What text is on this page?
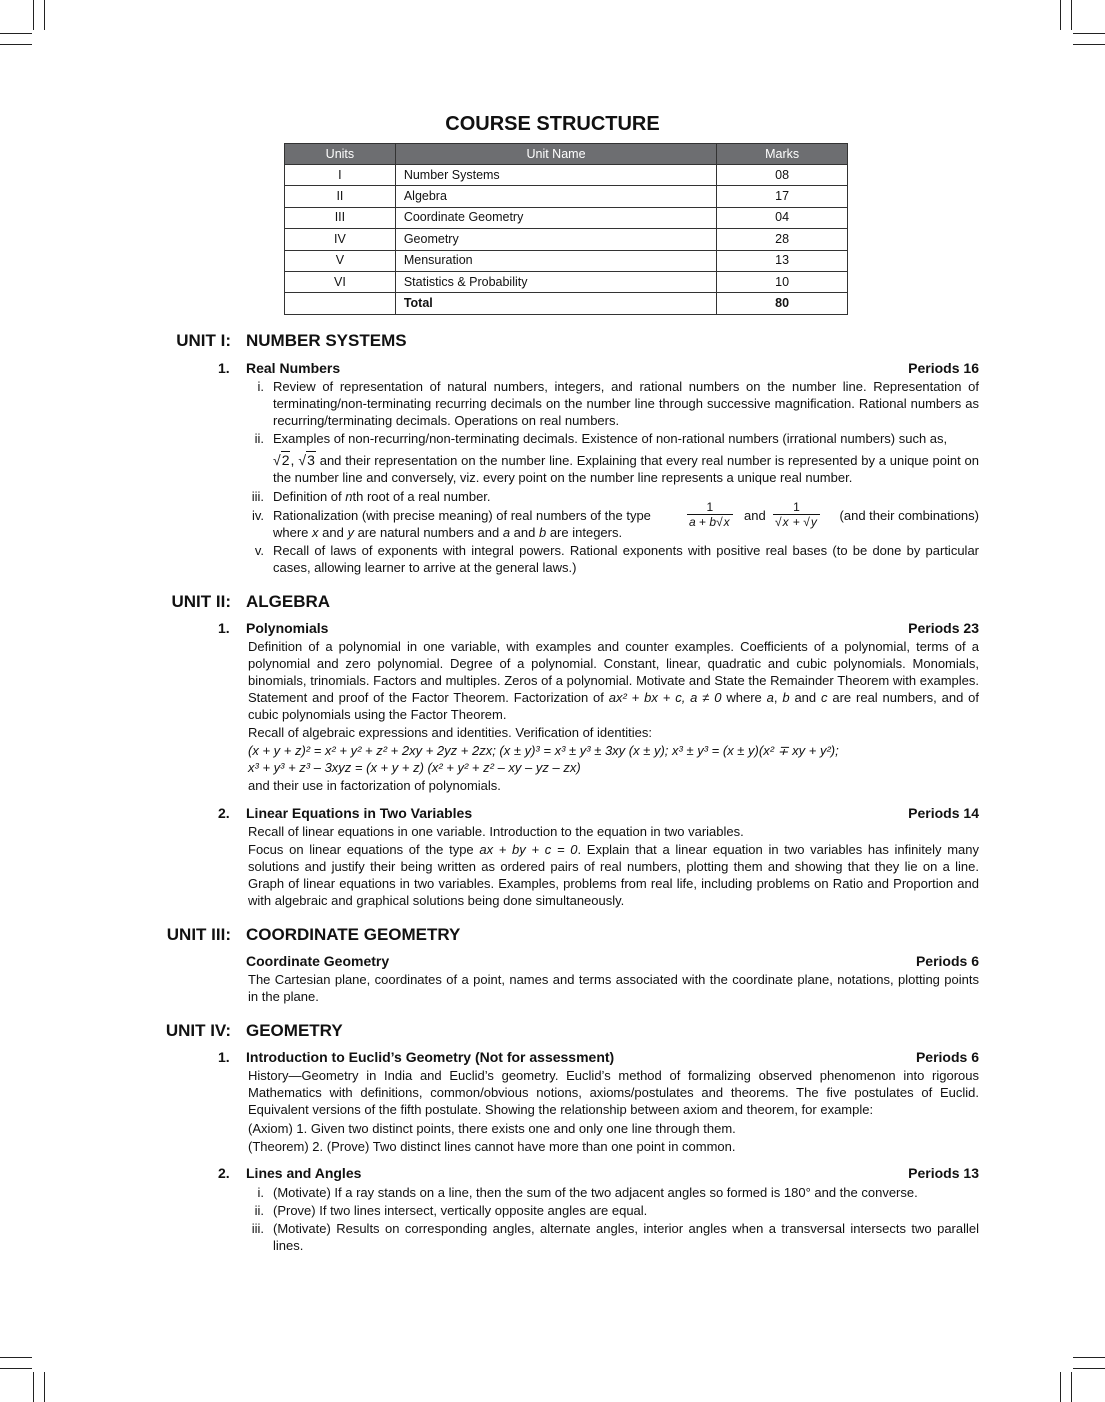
COURSE STRUCTURE
Units	Unit Name	Marks
I	Number Systems	08
II	Algebra	17
III	Coordinate Geometry	04
IV	Geometry	28
V	Mensuration	13
VI	Statistics & Probability	10
	Total	80
UNIT I: NUMBER SYSTEMS
1. Real Numbers	Periods 16
i. Review of representation of natural numbers, integers, and rational numbers on the number line. Representation of terminating/non-terminating recurring decimals on the number line through successive magnification. Rational numbers as recurring/terminating decimals. Operations on real numbers.
ii. Examples of non-recurring/non-terminating decimals. Existence of non-rational numbers (irrational numbers) such as,
√2, √3 and their representation on the number line. Explaining that every real number is represented by a unique point on the number line and conversely, viz. every point on the number line represents a unique real number.
iii. Definition of nth root of a real number.
iv. Rationalization (with precise meaning) of real numbers of the type	$\frac{1}{a + b√x}$ and $\frac{1}{√x + √y} (and$ their combinations)
where x and y are natural numbers and a and b are integers.
v. Recall of laws of exponents with integral powers. Rational exponents with positive real bases (to be done by particular cases, allowing learner to arrive at the general laws.)
UNIT II: ALGEBRA
1. Polynomials	Periods 23
Definition of a polynomial in one variable, with examples and counter examples. Coefficients of a polynomial, terms of a polynomial and zero polynomial. Degree of a polynomial. Constant, linear, quadratic and cubic polynomials. Monomials, binomials, trinomials. Factors and multiples. Zeros of a polynomial. Motivate and State the Remainder Theorem with examples. Statement and proof of the Factor Theorem. Factorization of ax² + bx + c, a ≠ 0 where a, b and c are real numbers, and of cubic polynomials using the Factor Theorem.
Recall of algebraic expressions and identities. Verification of identities:
(x + y + z)² = x² + y² + z² + 2xy + 2yz + 2zx; (x ± y)³ = x³ ± y³ ± 3xy (x ± y); x³ ± y³ = (x ± y)(x² ∓ xy + y²);
x³ + y³ + z³ – 3xyz = (x + y + z) (x² + y² + z² – xy – yz – zx)
and their use in factorization of polynomials.
2. Linear Equations in Two Variables	Periods 14
Recall of linear equations in one variable. Introduction to the equation in two variables.
Focus on linear equations of the type ax + by + c = 0. Explain that a linear equation in two variables has infinitely many solutions and justify their being written as ordered pairs of real numbers, plotting them and showing that they lie on a line. Graph of linear equations in two variables. Examples, problems from real life, including problems on Ratio and Proportion and with algebraic and graphical solutions being done simultaneously.
UNIT III: COORDINATE GEOMETRY
Coordinate Geometry	Periods 6
The Cartesian plane, coordinates of a point, names and terms associated with the coordinate plane, notations, plotting points in the plane.
UNIT IV: GEOMETRY
1. Introduction to Euclid’s Geometry (Not for assessment)	Periods 6
History—Geometry in India and Euclid’s geometry. Euclid’s method of formalizing observed phenomenon into rigorous Mathematics with definitions, common/obvious notions, axioms/postulates and theorems. The five postulates of Euclid. Equivalent versions of the fifth postulate. Showing the relationship between axiom and theorem, for example:
(Axiom) 1. Given two distinct points, there exists one and only one line through them.
(Theorem) 2. (Prove) Two distinct lines cannot have more than one point in common.
2. Lines and Angles	Periods 13
i. (Motivate) If a ray stands on a line, then the sum of the two adjacent angles so formed is 180° and the converse.
ii. (Prove) If two lines intersect, vertically opposite angles are equal.
iii. (Motivate) Results on corresponding angles, alternate angles, interior angles when a transversal intersects two parallel lines.
